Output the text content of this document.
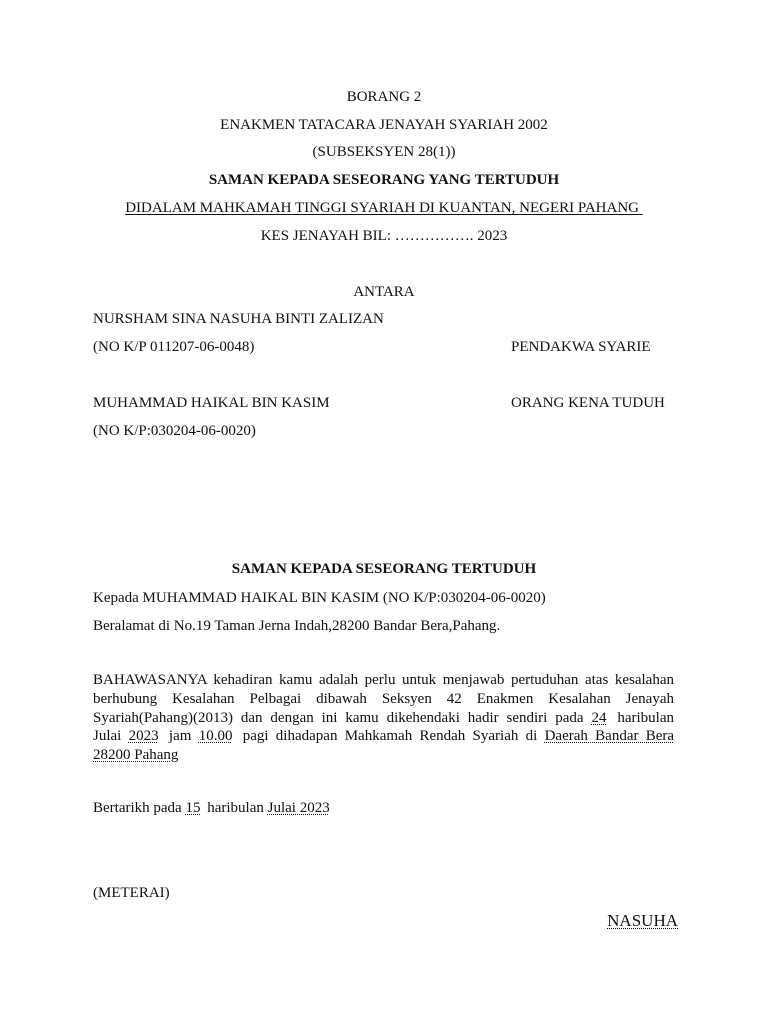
BORANG 2
ENAKMEN TATACARA JENAYAH SYARIAH 2002
(SUBSEKSYEN 28(1))
SAMAN KEPADA SESEORANG YANG TERTUDUH
DIDALAM MAHKAMAH TINGGI SYARIAH DI KUANTAN, NEGERI PAHANG
KES JENAYAH BIL: ……………. 2023
ANTARA
NURSHAM SINA NASUHA BINTI ZALIZAN
(NO K/P 011207-06-0048)	PENDAKWA SYARIE
MUHAMMAD HAIKAL BIN KASIM	ORANG KENA TUDUH
(NO K/P:030204-06-0020)
SAMAN KEPADA SESEORANG TERTUDUH
Kepada MUHAMMAD HAIKAL BIN KASIM (NO K/P:030204-06-0020)
Beralamat di No.19 Taman Jerna Indah,28200 Bandar Bera,Pahang.
BAHAWASANYA kehadiran kamu adalah perlu untuk menjawab pertuduhan atas kesalahan
berhubung Kesalahan Pelbagai dibawah Seksyen 42 Enakmen Kesalahan Jenayah
Syariah(Pahang)(2013) dan dengan ini kamu dikehendaki hadir sendiri pada 24 haribulan
Julai 2023 jam 10.00 pagi dihadapan Mahkamah Rendah Syariah di Daerah Bandar Bera
28200 Pahang
Bertarikh pada 15 haribulan Julai 2023
(METERAI)
NASUHA
